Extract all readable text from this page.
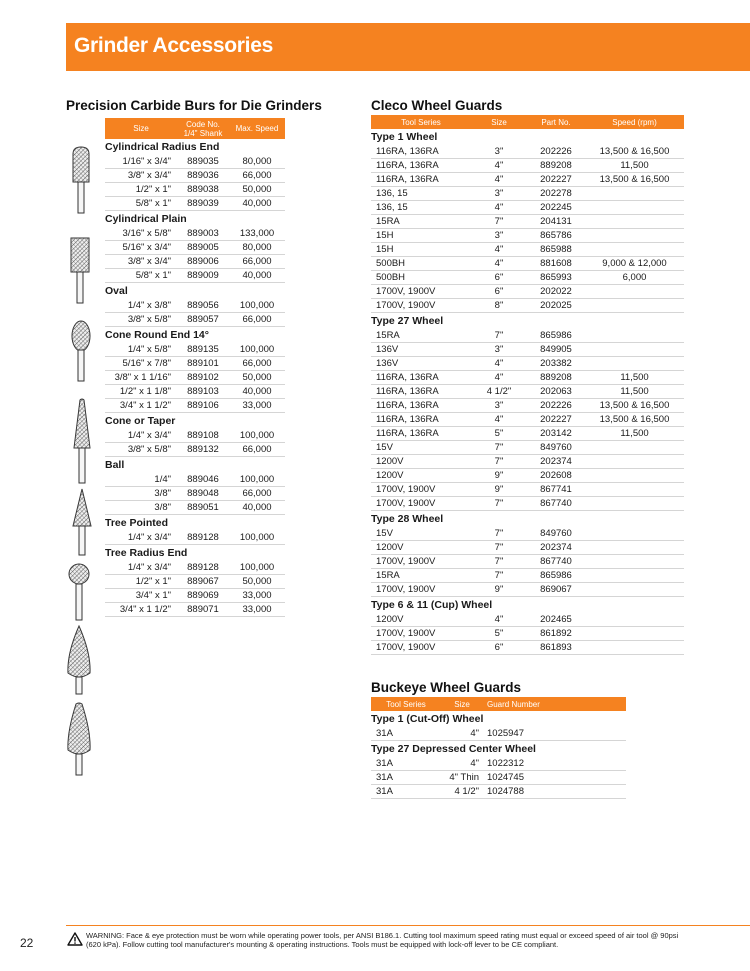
Grinder Accessories
Precision Carbide Burs for Die Grinders	Cleco Wheel Guards
Buckeye Wheel Guards
Size	Code No.
1/4" Shank	Max. Speed
Cylindrical Radius End		
1/16" x 3/4"	889035	80,000
3/8" x 3/4"	889036	66,000
1/2" x 1"	889038	50,000
5/8" x 1"	889039	40,000
Cylindrical Plain		
3/16" x 5/8"	889003	133,000
5/16" x 3/4"	889005	80,000
3/8" x 3/4"	889006	66,000
5/8" x 1"	889009	40,000
Oval		
1/4" x 3/8"	889056	100,000
3/8" x 5/8"	889057	66,000
Cone Round End 14°		
1/4" x 5/8"	889135	100,000
5/16" x 7/8"	889101	66,000
3/8" x 1 1/16"	889102	50,000
1/2" x 1 1/8"	889103	40,000
3/4" x 1 1/2"	889106	33,000
Cone or Taper		
1/4" x 3/4"	889108	100,000
3/8" x 5/8"	889132	66,000
Ball		
1/4"	889046	100,000
3/8"	889048	66,000
3/8"	889051	40,000
Tree Pointed		
1/4" x 3/4"	889128	100,000
Tree Radius End		
1/4" x 3/4"	889128	100,000
1/2" x 1"	889067	50,000
3/4" x 1"	889069	33,000
3/4" x 1 1/2"	889071	33,000
Tool Series	Size	Part No.	Speed (rpm)
Type 1 Wheel			
116RA, 136RA	3"	202226	13,500 & 16,500
116RA, 136RA	4"	889208	11,500
116RA, 136RA	4"	202227	13,500 & 16,500
136, 15	3"	202278	
136, 15	4"	202245	
15RA	7"	204131	
15H	3"	865786	
15H	4"	865988	
500BH	4"	881608	9,000 & 12,000
500BH	6"	865993	6,000
1700V, 1900V	6"	202022	
1700V, 1900V	8"	202025	
Type 27 Wheel			
15RA	7"	865986	
136V	3"	849905	
136V	4"	203382	
116RA, 136RA	4"	889208	11,500
116RA, 136RA	4 1/2"	202063	11,500
116RA, 136RA	3"	202226	13,500 & 16,500
116RA, 136RA	4"	202227	13,500 & 16,500
116RA, 136RA	5"	203142	11,500
15V	7"	849760	
1200V	7"	202374	
1200V	9"	202608	
1700V, 1900V	9"	867741	
1700V, 1900V	7"	867740	
Type 28 Wheel			
15V	7"	849760	
1200V	7"	202374	
1700V, 1900V	7"	867740	
15RA	7"	865986	
1700V, 1900V	9"	869067	
Type 6 & 11 (Cup) Wheel			
1200V	4"	202465	
1700V, 1900V	5"	861892	
1700V, 1900V	6"	861893	
Tool Series	Size	Guard Number
Type 1 (Cut-Off) Wheel		
31A	4"	1025947
Type 27 Depressed Center Wheel		
31A	4"	1022312
31A	4" Thin	1024745
31A	4 1/2"	1024788

WARNING: Face & eye protection must be worn while operating power tools, per ANSI B186.1. Cutting tool maximum speed rating must equal or exceed speed of air tool @ 90psi (620 kPa). Follow cutting tool manufacturer's mounting & operating instructions. Tools must be equipped with lock-off lever to be CE compliant.

22
